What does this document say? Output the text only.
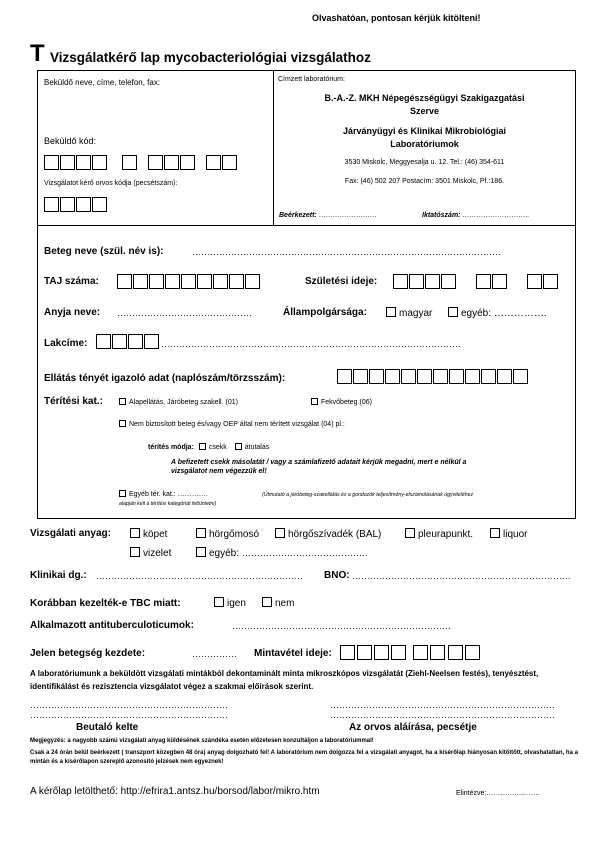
Olvashatóan, pontosan kérjük kitölteni!
T Vizsgálatkérő lap mycobacteriológiai vizsgálathoz
Beküldő neve, címe, telefon, fax:
Beküldő kód:
Vizsgálatot kérő orvos kódja (pecsétszám):
Címzett laboratórium:
B.-A.-Z. MKH Népegészségügyi Szakigazgatási
Szerve
Járványügyi és Klinikai Mikrobiológiai
Laboratóriumok
3530 Miskolc, Meggyesalja u. 12. Tel.: (46) 354-611
Fax: (46) 502 207 Postacím: 3501 Miskolc, Pf.:186.
Beérkezett: …………………….	Iktatószám: ………………………..
Beteg neve (szül. név is):	………………………………………………………………………………………….
TAJ száma:	Születési ideje:
Anyja neve: ………………………………………	Állampolgársága:	magyar	egyéb: …………….
Lakcíme:	……………………………………………………………………………………….
Ellátás tényét igazoló adat (naplószám/törzsszám):
Térítési kat.:	Alapellátás, Járóbeteg szakell. (01)	Fekvőbeteg (06)
Nem biztosított beteg és/vagy OEP által nem térített vizsgálat (04) pl.:
térítés módja: csekk	átutalás
A befizetett csekk másolatát / vagy a számlafizető adatait kérjük megadni, mert e nélkül a
vizsgálatot nem végezzük el!
Egyéb tér. kat.: ………….	(Útmutató a járóbeteg-szakellátás és a gondozók teljesítmény-elszámolásának ügyviteléhez
alapján kell a térítési kategóriát feltüntetni)
Vizsgálati anyag:	köpet	hörgőmosó	hörgőszívadék (BAL)	pleurapunkt.	liquor
vizelet	egyéb: ……………………………………
Klinikai dg.: …………………………………………………………… BNO: ……………………………………………………………….
Korábban kezelték-e TBC miatt:	igen	nem
Alkalmazott antituberculoticumok:	……………………………………………………………….
Jelen betegség kezdete:	…………… Mintavétel ideje:
A laboratóriumunk a beküldött vizsgálati mintákból dekontaminált minta mikroszkópos vizsgálatát (Ziehl-Neelsen festés), tenyésztést, identifikálást és rezisztencia vizsgálatot végez a szakmai előírások szerint.
…………………………………………………………	…………………………………………………………………
…………………………………………………………	…………………………………………………………………
Beutaló kelte	Az orvos aláírása, pecsétje
Megjegyzés: a nagyobb számú vizsgálati anyag küldésének szándéka esetén előzetesen konzultáljon a laboratóriummal!
Csak a 24 órán belül beérkezett ( transzport közegben 48 óra) anyag dolgozható fel! A laboratórium nem dolgozza fel a vizsgálati anyagot, ha a kísérőlap hiányosan kitöltött, olvashatatlan, ha a mintán és a kísérőlapon szereplő azonosító jelzések nem egyeznek!
A kérőlap letölthető: http://efrira1.antsz.hu/borsod/labor/mikro.htm	Elintézve:…………………..
